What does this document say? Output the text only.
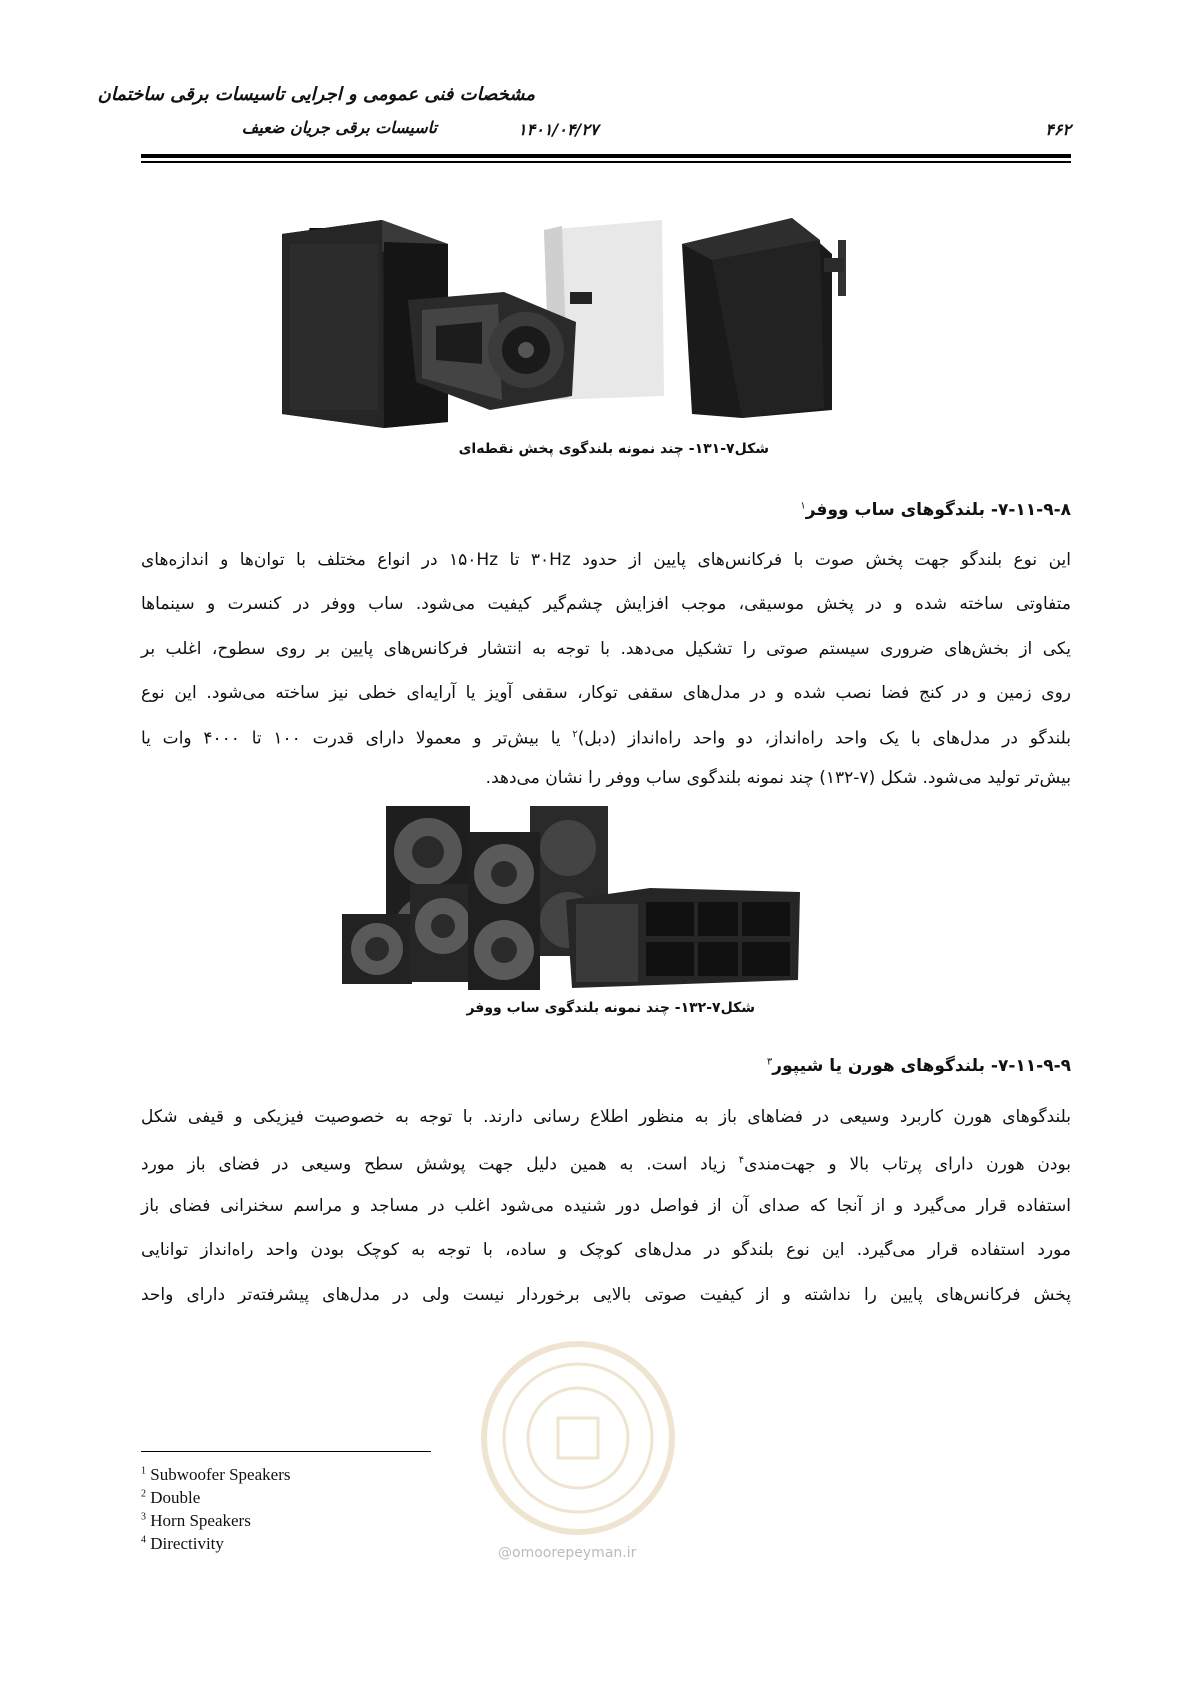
مشخصات فنی عمومی و اجرایی تاسیسات برقی ساختمان
تاسیسات برقی جریان ضعیف	۱۴۰۱/۰۴/۲۷	۴۶۲
شکل۷-۱۳۱- چند نمونه بلندگوی پخش نقطه‌ای
۷-۱۱-۹-۸- بلندگوهای ساب ووفر$^۱$
این نوع بلندگو جهت پخش صوت با فرکانس‌های پایین از حدود ۳۰Hz تا ۱۵۰Hz در انواع مختلف با توان‌ها و اندازه‌های
متفاوتی ساخته شده و در پخش موسیقی، موجب افزایش چشم‌گیر کیفیت می‌شود. ساب ووفر در کنسرت و سینماها
یکی از بخش‌های ضروری سیستم صوتی را تشکیل می‌دهد. با توجه به انتشار فرکانس‌های پایین بر روی سطوح، اغلب بر
روی زمین و در کنج فضا نصب شده و در مدل‌های سقفی توکار، سقفی آویز یا آرایه‌ای خطی نیز ساخته می‌شود. این نوع
بلندگو در مدل‌های با یک واحد راه‌انداز، دو واحد راه‌انداز (دبل)$^۲$ یا بیش‌تر و معمولا دارای قدرت ۱۰۰ تا ۴۰۰۰ وات یا
بیش‌تر تولید می‌شود. شکل (۷-۱۳۲) چند نمونه بلندگوی ساب ووفر را نشان می‌دهد.
شکل۷-۱۳۲- چند نمونه بلندگوی ساب ووفر
۷-۱۱-۹-۹- بلندگوهای هورن یا شیپور$^۳$
بلندگوهای هورن کاربرد وسیعی در فضاهای باز به منظور اطلاع رسانی دارند. با توجه به خصوصیت فیزیکی و قیفی شکل
بودن هورن دارای پرتاب بالا و جهت‌مندی$^۴$ زیاد است. به همین دلیل جهت پوشش سطح وسیعی در فضای باز مورد
استفاده قرار می‌گیرد و از آنجا که صدای آن از فواصل دور شنیده می‌شود اغلب در مساجد و مراسم سخنرانی فضای باز
مورد استفاده قرار می‌گیرد. این نوع بلندگو در مدل‌های کوچک و ساده، با توجه به کوچک بودن واحد راه‌انداز توانایی
پخش فرکانس‌های پایین را نداشته و از کیفیت صوتی بالایی برخوردار نیست ولی در مدل‌های پیشرفته‌تر دارای واحد
@omoorepeyman.ir
$^1$ Subwoofer Speakers
$^2$ Double
$^3$ Horn Speakers
$^4$ Directivity
